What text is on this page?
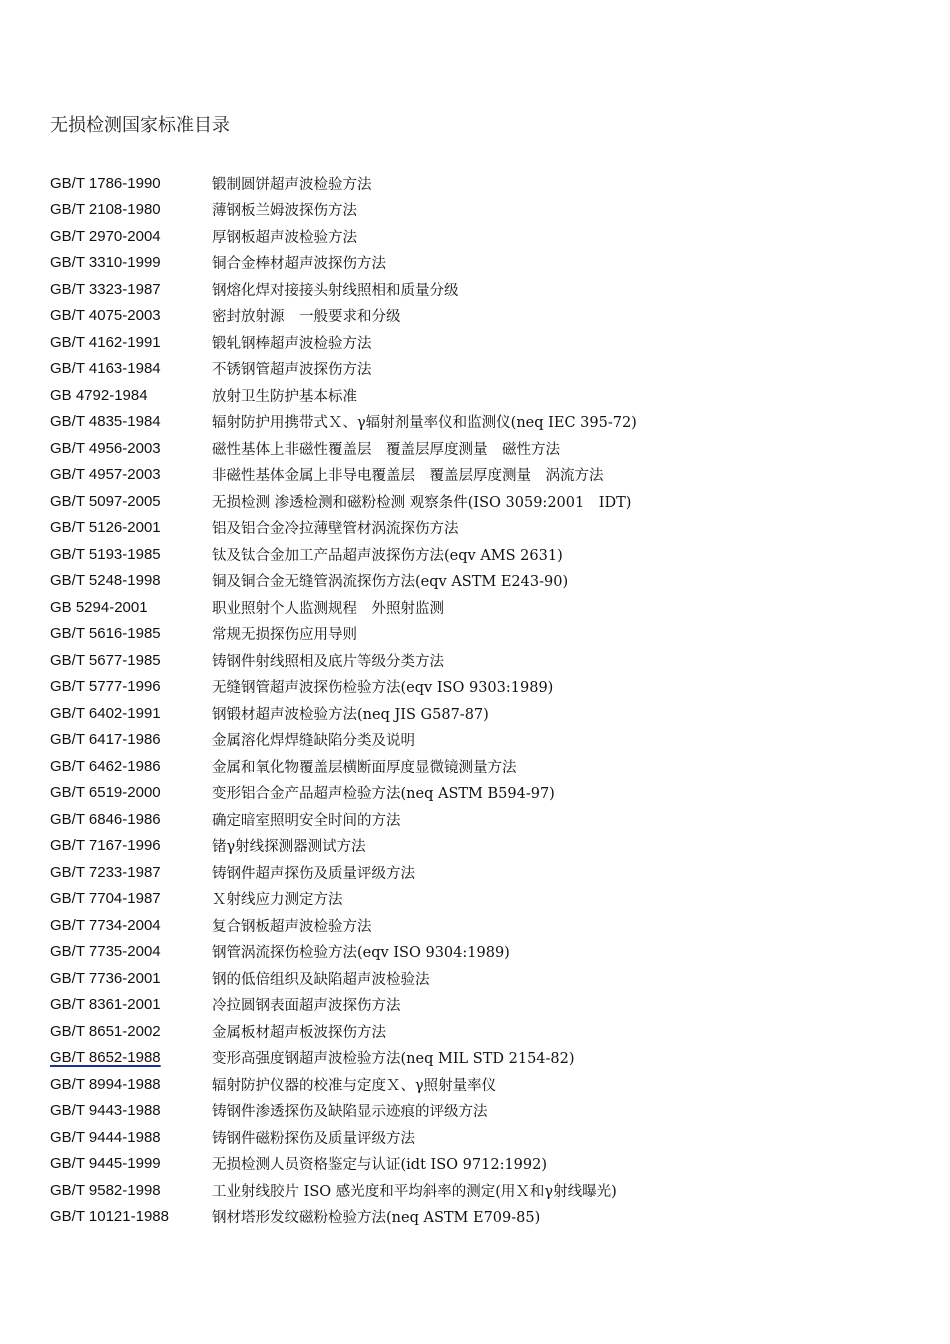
无损检测国家标准目录
GB/T 1786-1990	锻制圆饼超声波检验方法
GB/T 2108-1980	薄钢板兰姆波探伤方法
GB/T 2970-2004	厚钢板超声波检验方法
GB/T 3310-1999	铜合金棒材超声波探伤方法
GB/T 3323-1987	钢熔化焊对接接头射线照相和质量分级
GB/T 4075-2003	密封放射源　一般要求和分级
GB/T 4162-1991	锻轧钢棒超声波检验方法
GB/T 4163-1984	不锈钢管超声波探伤方法
GB 4792-1984	放射卫生防护基本标准
GB/T 4835-1984	辐射防护用携带式Ｘ、γ辐射剂量率仪和监测仪(neq IEC 395-72)
GB/T 4956-2003	磁性基体上非磁性覆盖层　覆盖层厚度测量　磁性方法
GB/T 4957-2003	非磁性基体金属上非导电覆盖层　覆盖层厚度测量　涡流方法
GB/T 5097-2005	无损检测 渗透检测和磁粉检测 观察条件(ISO 3059:2001　IDT)
GB/T 5126-2001	铝及铝合金冷拉薄壁管材涡流探伤方法
GB/T 5193-1985	钛及钛合金加工产品超声波探伤方法(eqv AMS 2631)
GB/T 5248-1998	铜及铜合金无缝管涡流探伤方法(eqv ASTM E243-90)
GB 5294-2001	职业照射个人监测规程　外照射监测
GB/T 5616-1985	常规无损探伤应用导则
GB/T 5677-1985	铸钢件射线照相及底片等级分类方法
GB/T 5777-1996	无缝钢管超声波探伤检验方法(eqv ISO 9303:1989)
GB/T 6402-1991	钢锻材超声波检验方法(neq JIS G587-87)
GB/T 6417-1986	金属溶化焊焊缝缺陷分类及说明
GB/T 6462-1986	金属和氧化物覆盖层横断面厚度显微镜测量方法
GB/T 6519-2000	变形铝合金产品超声检验方法(neq ASTM B594-97)
GB/T 6846-1986	确定暗室照明安全时间的方法
GB/T 7167-1996	锗γ射线探测器测试方法
GB/T 7233-1987	铸钢件超声探伤及质量评级方法
GB/T 7704-1987	Ｘ射线应力测定方法
GB/T 7734-2004	复合钢板超声波检验方法
GB/T 7735-2004	钢管涡流探伤检验方法(eqv ISO 9304:1989)
GB/T 7736-2001	钢的低倍组织及缺陷超声波检验法
GB/T 8361-2001	冷拉圆钢表面超声波探伤方法
GB/T 8651-2002	金属板材超声板波探伤方法
GB/T 8652-1988	变形高强度钢超声波检验方法(neq MIL STD 2154-82)
GB/T 8994-1988	辐射防护仪器的校准与定度Ｘ、γ照射量率仪
GB/T 9443-1988	铸钢件渗透探伤及缺陷显示迹痕的评级方法
GB/T 9444-1988	铸钢件磁粉探伤及质量评级方法
GB/T 9445-1999	无损检测人员资格鉴定与认证(idt ISO 9712:1992)
GB/T 9582-1998	工业射线胶片 ISO 感光度和平均斜率的测定(用Ｘ和γ射线曝光)
GB/T 10121-1988	钢材塔形发纹磁粉检验方法(neq ASTM E709-85)
